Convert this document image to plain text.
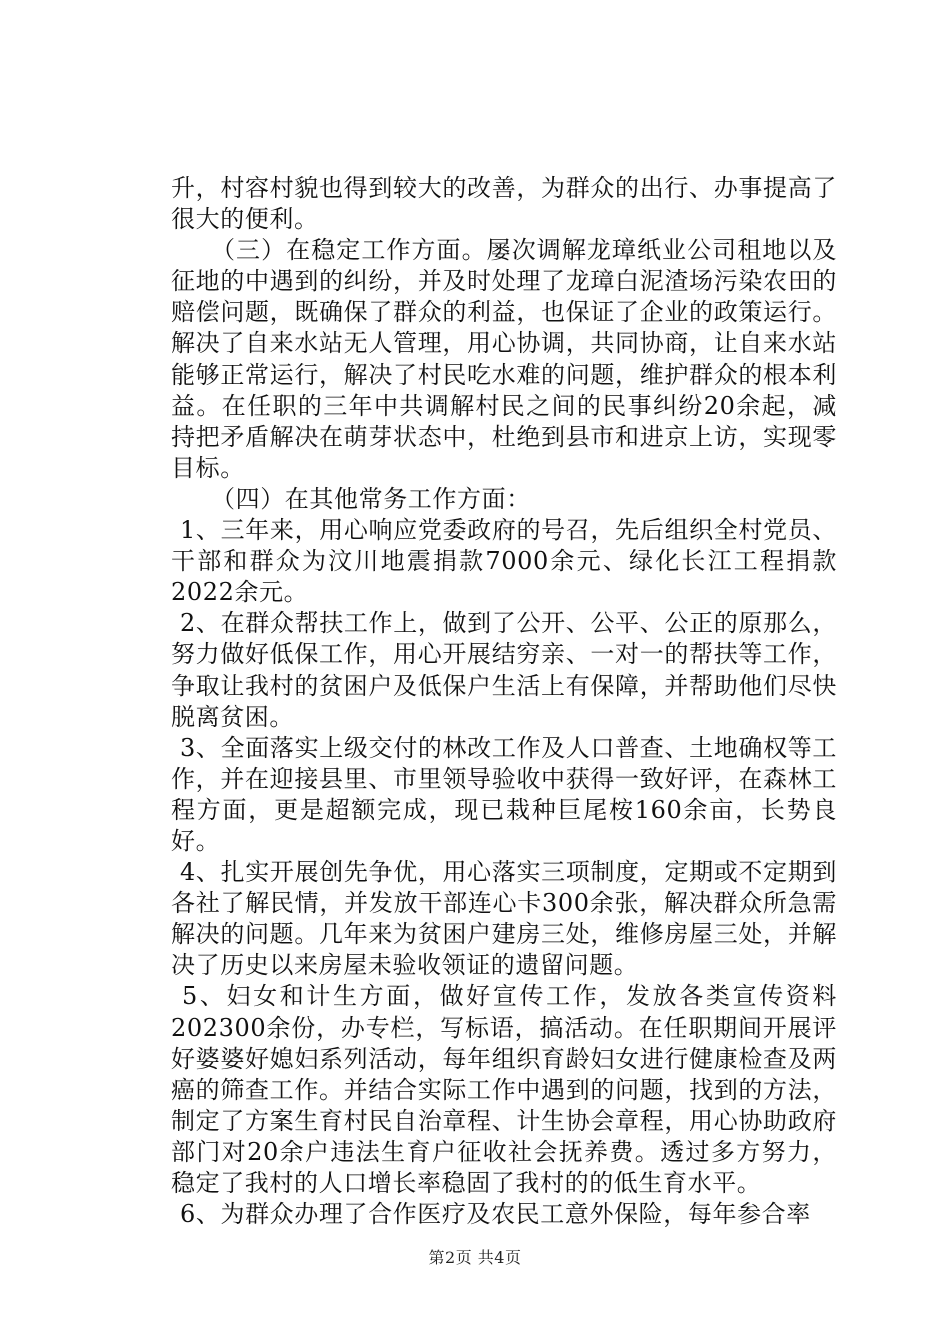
升，村容村貌也得到较大的改善，为群众的出行、办事提高了很大的便利。

（三）在稳定工作方面。屡次调解龙璋纸业公司租地以及征地的中遇到的纠纷，并及时处理了龙璋白泥渣场污染农田的赔偿问题，既确保了群众的利益，也保证了企业的政策运行。解决了自来水站无人管理，用心协调，共同协商，让自来水站能够正常运行，解决了村民吃水难的问题，维护群众的根本利益。在任职的三年中共调解村民之间的民事纠纷20余起，减持把矛盾解决在萌芽状态中，杜绝到县市和进京上访，实现零目标。

（四）在其他常务工作方面：

1、三年来，用心响应党委政府的号召，先后组织全村党员、干部和群众为汶川地震捐款7000余元、绿化长江工程捐款2022余元。

2、在群众帮扶工作上，做到了公开、公平、公正的原那么，努力做好低保工作，用心开展结穷亲、一对一的帮扶等工作，争取让我村的贫困户及低保户生活上有保障，并帮助他们尽快脱离贫困。

3、全面落实上级交付的林改工作及人口普查、土地确权等工作，并在迎接县里、市里领导验收中获得一致好评，在森林工程方面，更是超额完成，现已栽种巨尾桉160余亩，长势良好。

4、扎实开展创先争优，用心落实三项制度，定期或不定期到各社了解民情，并发放干部连心卡300余张，解决群众所急需解决的问题。几年来为贫困户建房三处，维修房屋三处，并解决了历史以来房屋未验收领证的遗留问题。

5、妇女和计生方面，做好宣传工作，发放各类宣传资料202300余份，办专栏，写标语，搞活动。在任职期间开展评好婆婆好媳妇系列活动，每年组织育龄妇女进行健康检查及两癌的筛查工作。并结合实际工作中遇到的问题，找到的方法，制定了方案生育村民自治章程、计生协会章程，用心协助政府部门对20余户违法生育户征收社会抚养费。透过多方努力，稳定了我村的人口增长率稳固了我村的的低生育水平。

6、为群众办理了合作医疗及农民工意外保险，每年参合率

第2页 共4页
